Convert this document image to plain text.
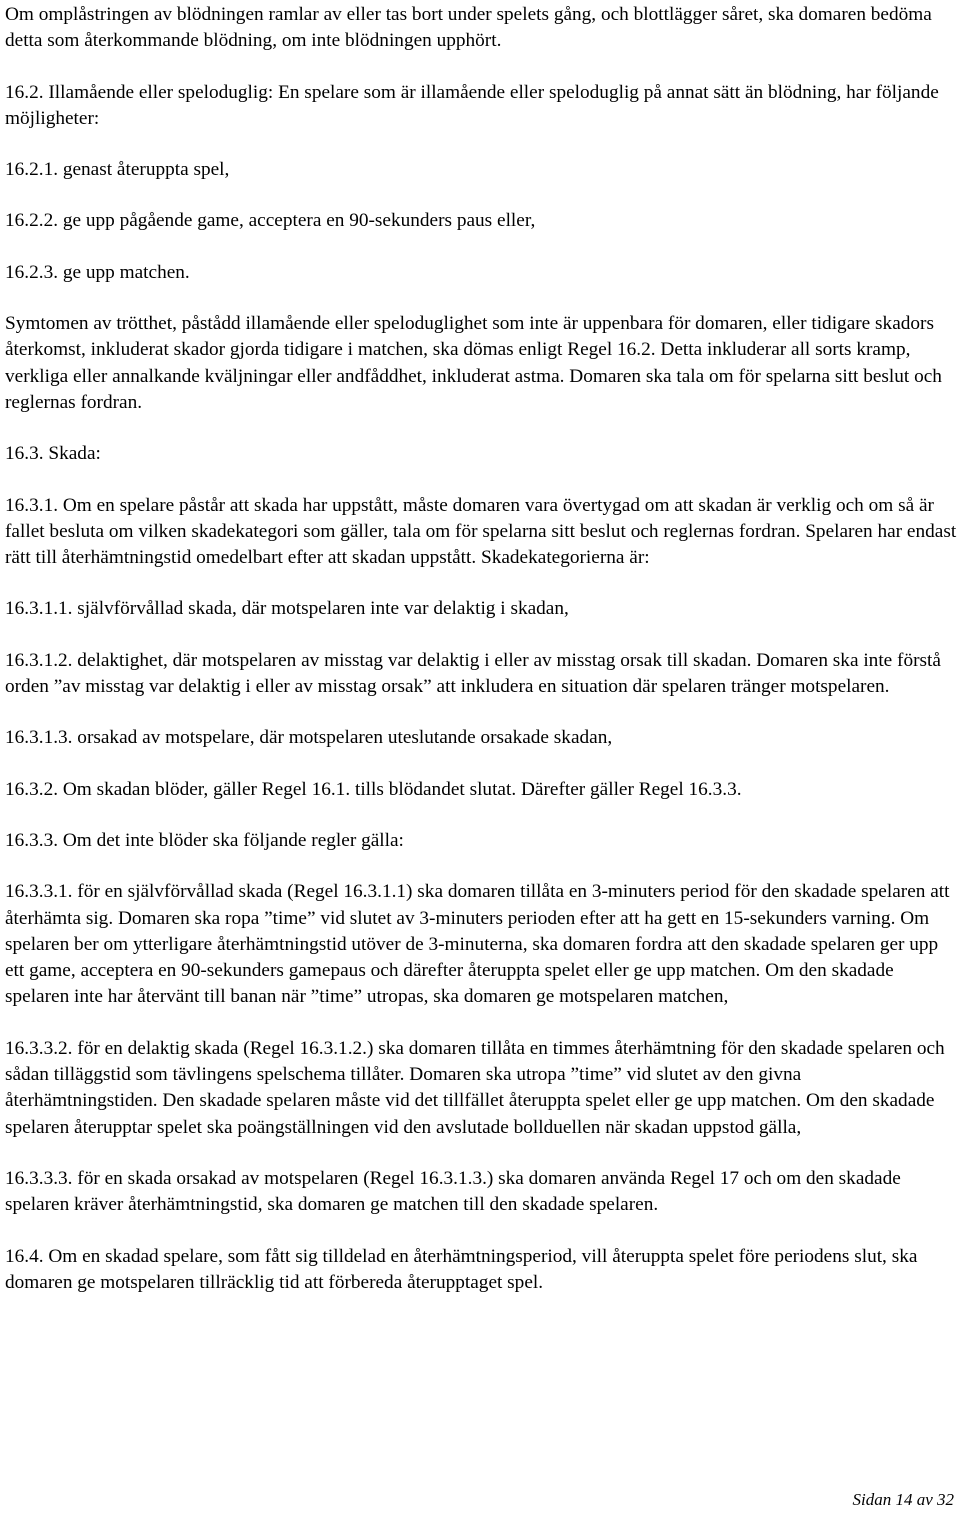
Om omplåstringen av blödningen ramlar av eller tas bort under spelets gång, och blottlägger såret, ska domaren bedöma detta som återkommande blödning, om inte blödningen upphört.

16.2. Illamående eller speloduglig: En spelare som är illamående eller speloduglig på annat sätt än blödning, har följande möjligheter:

16.2.1. genast återuppta spel,

16.2.2. ge upp pågående game, acceptera en 90-sekunders paus eller,

16.2.3. ge upp matchen.

Symtomen av trötthet, påstådd illamående eller speloduglighet som inte är uppenbara för domaren, eller tidigare skadors återkomst, inkluderat skador gjorda tidigare i matchen, ska dömas enligt Regel 16.2. Detta inkluderar all sorts kramp, verkliga eller annalkande kväljningar eller andfåddhet, inkluderat astma. Domaren ska tala om för spelarna sitt beslut och reglernas fordran.

16.3. Skada:

16.3.1. Om en spelare påstår att skada har uppstått, måste domaren vara övertygad om att skadan är verklig och om så är fallet besluta om vilken skadekategori som gäller, tala om för spelarna sitt beslut och reglernas fordran. Spelaren har endast rätt till återhämtningstid omedelbart efter att skadan uppstått. Skadekategorierna är:

16.3.1.1. självförvållad skada, där motspelaren inte var delaktig i skadan,

16.3.1.2. delaktighet, där motspelaren av misstag var delaktig i eller av misstag orsak till skadan. Domaren ska inte förstå orden ”av misstag var delaktig i eller av misstag orsak” att inkludera en situation där spelaren tränger motspelaren.

16.3.1.3. orsakad av motspelare, där motspelaren uteslutande orsakade skadan,

16.3.2. Om skadan blöder, gäller Regel 16.1. tills blödandet slutat. Därefter gäller Regel 16.3.3.

16.3.3. Om det inte blöder ska följande regler gälla:

16.3.3.1. för en självförvållad skada (Regel 16.3.1.1) ska domaren tillåta en 3-minuters period för den skadade spelaren att återhämta sig. Domaren ska ropa ”time” vid slutet av 3-minuters perioden efter att ha gett en 15-sekunders varning. Om spelaren ber om ytterligare återhämtningstid utöver de 3-minuterna, ska domaren fordra att den skadade spelaren ger upp ett game, acceptera en 90-sekunders gamepaus och därefter återuppta spelet eller ge upp matchen. Om den skadade spelaren inte har återvänt till banan när ”time” utropas, ska domaren ge motspelaren matchen,

16.3.3.2. för en delaktig skada (Regel 16.3.1.2.) ska domaren tillåta en timmes återhämtning för den skadade spelaren och sådan tilläggstid som tävlingens spelschema tillåter. Domaren ska utropa ”time” vid slutet av den givna återhämtningstiden. Den skadade spelaren måste vid det tillfället återuppta spelet eller ge upp matchen. Om den skadade spelaren återupptar spelet ska poängställningen vid den avslutade bollduellen när skadan uppstod gälla,

16.3.3.3. för en skada orsakad av motspelaren (Regel 16.3.1.3.) ska domaren använda Regel 17 och om den skadade spelaren kräver återhämtningstid, ska domaren ge matchen till den skadade spelaren.

16.4. Om en skadad spelare, som fått sig tilldelad en återhämtningsperiod, vill återuppta spelet före periodens slut, ska domaren ge motspelaren tillräcklig tid att förbereda återupptaget spel.

Sidan 14 av 32
